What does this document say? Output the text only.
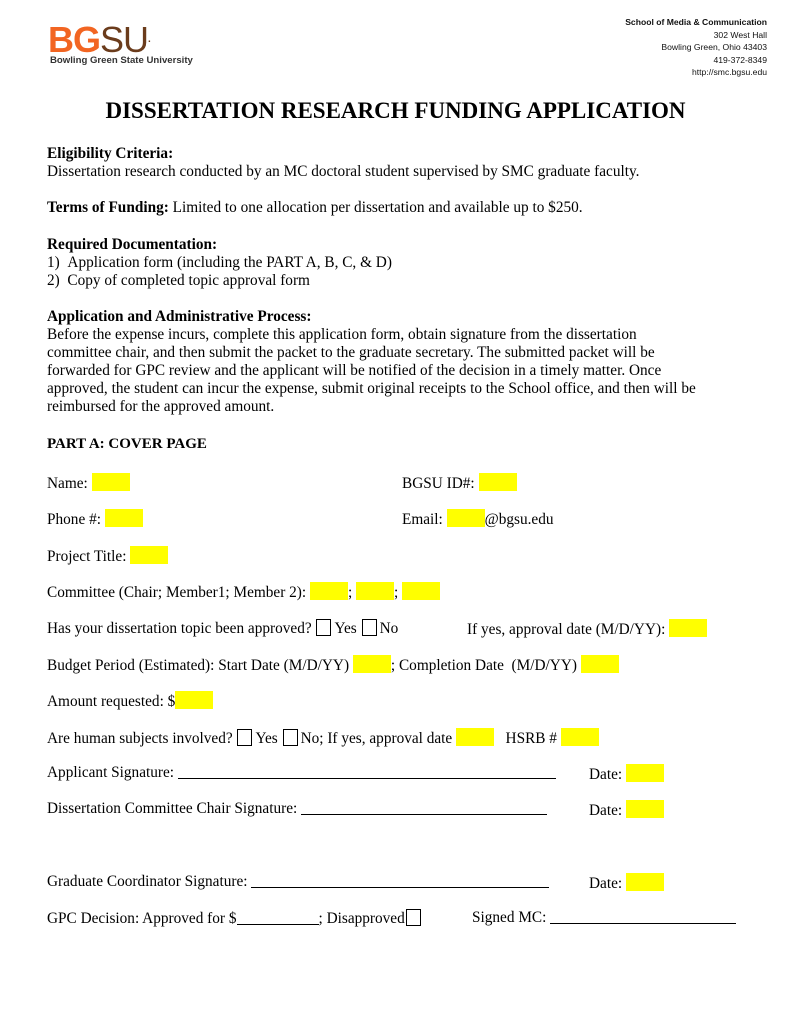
BGSU.
Bowling Green State University
School of Media & Communication
302 West Hall
Bowling Green, Ohio 43403
419-372-8349
http://smc.bgsu.edu
DISSERTATION RESEARCH FUNDING APPLICATION
Eligibility Criteria:
Dissertation research conducted by an MC doctoral student supervised by SMC graduate faculty.
Terms of Funding: Limited to one allocation per dissertation and available up to $250.
Required Documentation:
1)  Application form (including the PART A, B, C, & D)
2)  Copy of completed topic approval form
Application and Administrative Process:
Before the expense incurs, complete this application form, obtain signature from the dissertation
committee chair, and then submit the packet to the graduate secretary. The submitted packet will be
forwarded for GPC review and the applicant will be notified of the decision in a timely matter. Once
approved, the student can incur the expense, submit original receipts to the School office, and then will be
reimbursed for the approved amount.
PART A: COVER PAGE
Name:	BGSU ID#:
Phone #:	Email:	@bgsu.edu
Project Title:
Committee (Chair; Member1; Member 2):	;	;
Has your dissertation topic been approved? Yes No	If yes, approval date (M/D/YY):
Budget Period (Estimated): Start Date (M/D/YY)	; Completion Date  (M/D/YY)
Amount requested: $
Are human subjects involved? Yes No; If yes, approval date	HSRB #
Applicant Signature:	Date:
Dissertation Committee Chair Signature:	Date:
Graduate Coordinator Signature:	Date:
GPC Decision: Approved for $	; Disapproved	Signed MC:
